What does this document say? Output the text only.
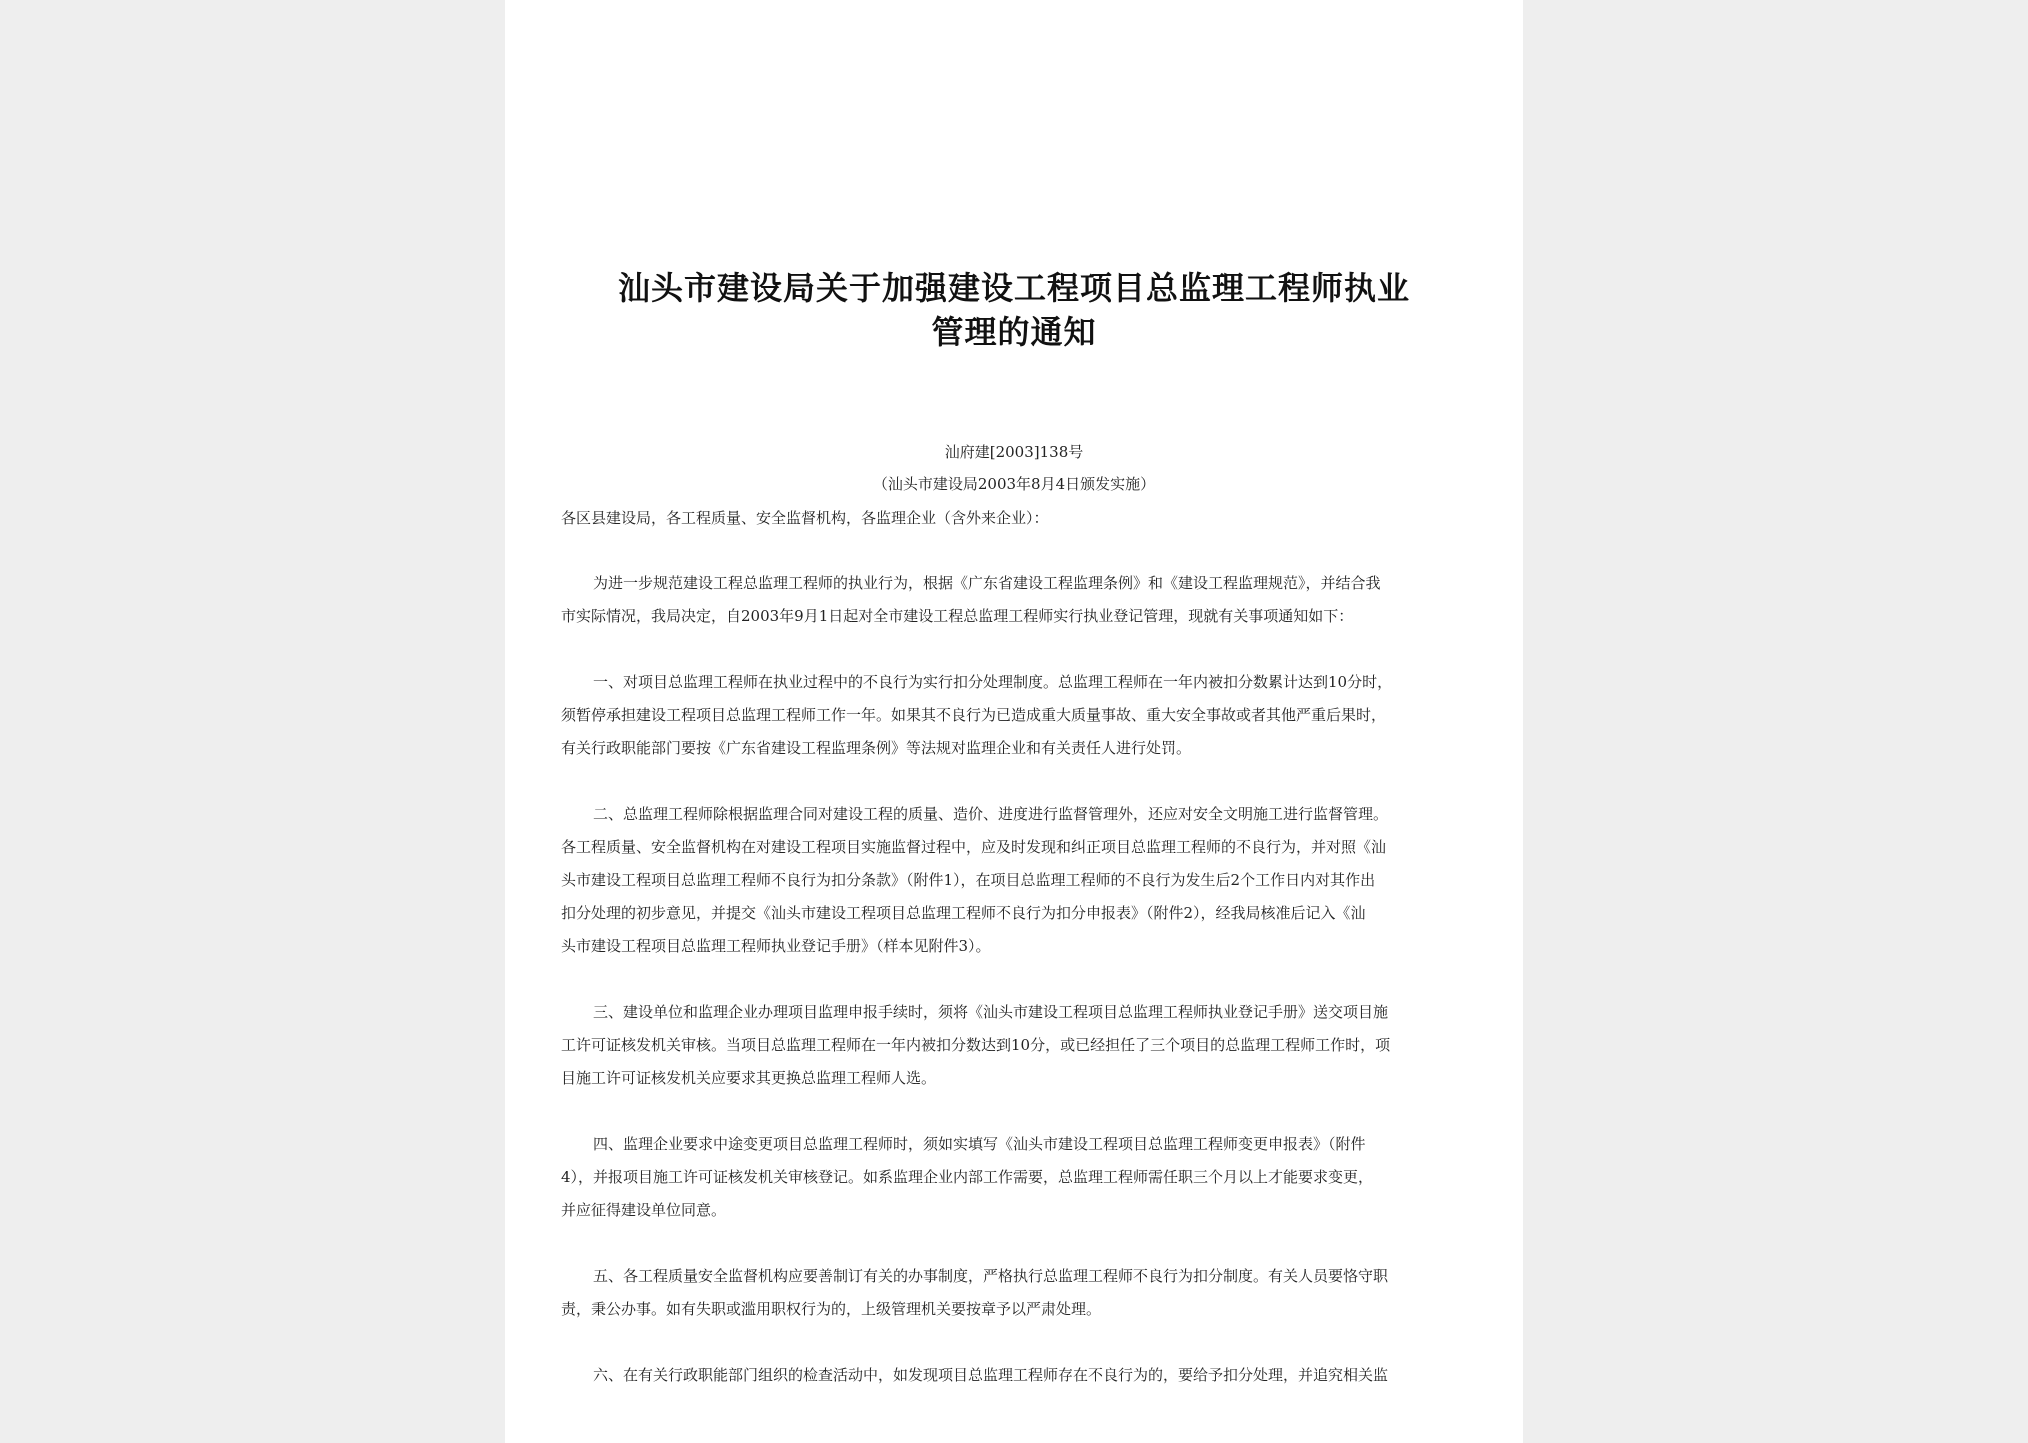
汕头市建设局关于加强建设工程项目总监理工程师执业
管理的通知
汕府建[2003]138号
（汕头市建设局2003年8月4日颁发实施）
各区县建设局，各工程质量、安全监督机构，各监理企业（含外来企业）：
为进一步规范建设工程总监理工程师的执业行为，根据《广东省建设工程监理条例》和《建设工程监理规范》，并结合我
市实际情况，我局决定，自2003年9月1日起对全市建设工程总监理工程师实行执业登记管理，现就有关事项通知如下：
一、对项目总监理工程师在执业过程中的不良行为实行扣分处理制度。总监理工程师在一年内被扣分数累计达到10分时，
须暂停承担建设工程项目总监理工程师工作一年。如果其不良行为已造成重大质量事故、重大安全事故或者其他严重后果时，
有关行政职能部门要按《广东省建设工程监理条例》等法规对监理企业和有关责任人进行处罚。
二、总监理工程师除根据监理合同对建设工程的质量、造价、进度进行监督管理外，还应对安全文明施工进行监督管理。
各工程质量、安全监督机构在对建设工程项目实施监督过程中，应及时发现和纠正项目总监理工程师的不良行为，并对照《汕
头市建设工程项目总监理工程师不良行为扣分条款》（附件1），在项目总监理工程师的不良行为发生后2个工作日内对其作出
扣分处理的初步意见，并提交《汕头市建设工程项目总监理工程师不良行为扣分申报表》（附件2），经我局核准后记入《汕
头市建设工程项目总监理工程师执业登记手册》（样本见附件3）。
三、建设单位和监理企业办理项目监理申报手续时，须将《汕头市建设工程项目总监理工程师执业登记手册》送交项目施
工许可证核发机关审核。当项目总监理工程师在一年内被扣分数达到10分，或已经担任了三个项目的总监理工程师工作时，项
目施工许可证核发机关应要求其更换总监理工程师人选。
四、监理企业要求中途变更项目总监理工程师时，须如实填写《汕头市建设工程项目总监理工程师变更申报表》（附件
4），并报项目施工许可证核发机关审核登记。如系监理企业内部工作需要，总监理工程师需任职三个月以上才能要求变更，
并应征得建设单位同意。
五、各工程质量安全监督机构应要善制订有关的办事制度，严格执行总监理工程师不良行为扣分制度。有关人员要恪守职
责，秉公办事。如有失职或滥用职权行为的，上级管理机关要按章予以严肃处理。
六、在有关行政职能部门组织的检查活动中，如发现项目总监理工程师存在不良行为的，要给予扣分处理，并追究相关监
